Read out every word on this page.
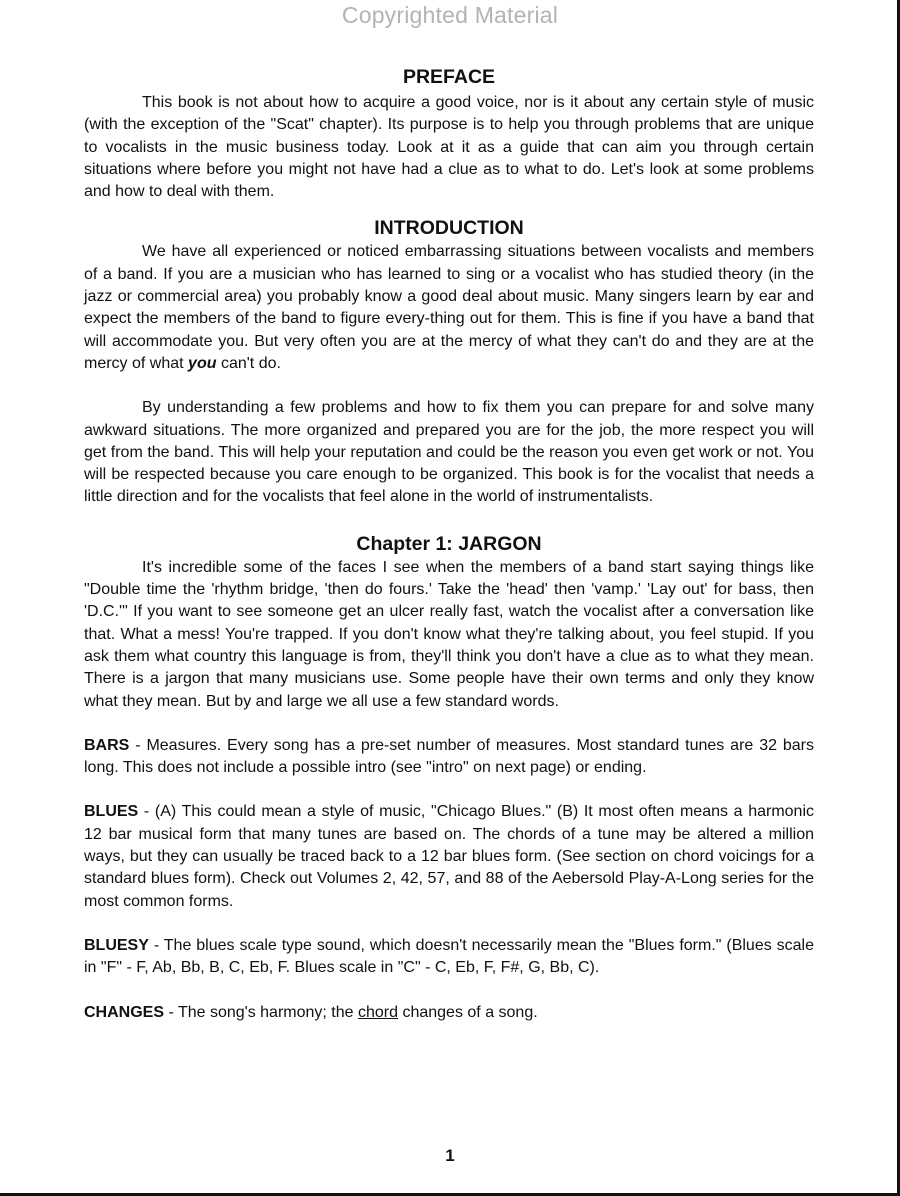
Copyrighted Material
PREFACE

This book is not about how to acquire a good voice, nor is it about any certain style of music (with the exception of the "Scat" chapter). Its purpose is to help you through problems that are unique to vocalists in the music business today. Look at it as a guide that can aim you through certain situations where before you might not have had a clue as to what to do. Let's look at some problems and how to deal with them.

INTRODUCTION

We have all experienced or noticed embarrassing situations between vocalists and members of a band. If you are a musician who has learned to sing or a vocalist who has studied theory (in the jazz or commercial area) you probably know a good deal about music. Many singers learn by ear and expect the members of the band to figure every-thing out for them. This is fine if you have a band that will accommodate you. But very often you are at the mercy of what they can't do and they are at the mercy of what you can't do.

By understanding a few problems and how to fix them you can prepare for and solve many awkward situations. The more organized and prepared you are for the job, the more respect you will get from the band. This will help your reputation and could be the reason you even get work or not. You will be respected because you care enough to be organized. This book is for the vocalist that needs a little direction and for the vocalists that feel alone in the world of instrumentalists.

Chapter 1: JARGON

It's incredible some of the faces I see when the members of a band start saying things like "Double time the 'rhythm bridge, 'then do fours.' Take the 'head' then 'vamp.' 'Lay out' for bass, then 'D.C.'" If you want to see someone get an ulcer really fast, watch the vocalist after a conversation like that. What a mess! You're trapped. If you don't know what they're talking about, you feel stupid. If you ask them what country this language is from, they'll think you don't have a clue as to what they mean. There is a jargon that many musicians use. Some people have their own terms and only they know what they mean. But by and large we all use a few standard words.

BARS - Measures. Every song has a pre-set number of measures. Most standard tunes are 32 bars long. This does not include a possible intro (see "intro" on next page) or ending.

BLUES - (A) This could mean a style of music, "Chicago Blues." (B) It most often means a harmonic 12 bar musical form that many tunes are based on. The chords of a tune may be altered a million ways, but they can usually be traced back to a 12 bar blues form. (See section on chord voicings for a standard blues form). Check out Volumes 2, 42, 57, and 88 of the Aebersold Play-A-Long series for the most common forms.

BLUESY - The blues scale type sound, which doesn't necessarily mean the "Blues form." (Blues scale in "F" - F, Ab, Bb, B, C, Eb, F. Blues scale in "C" - C, Eb, F, F#, G, Bb, C).

CHANGES - The song's harmony; the chord changes of a song.

1
